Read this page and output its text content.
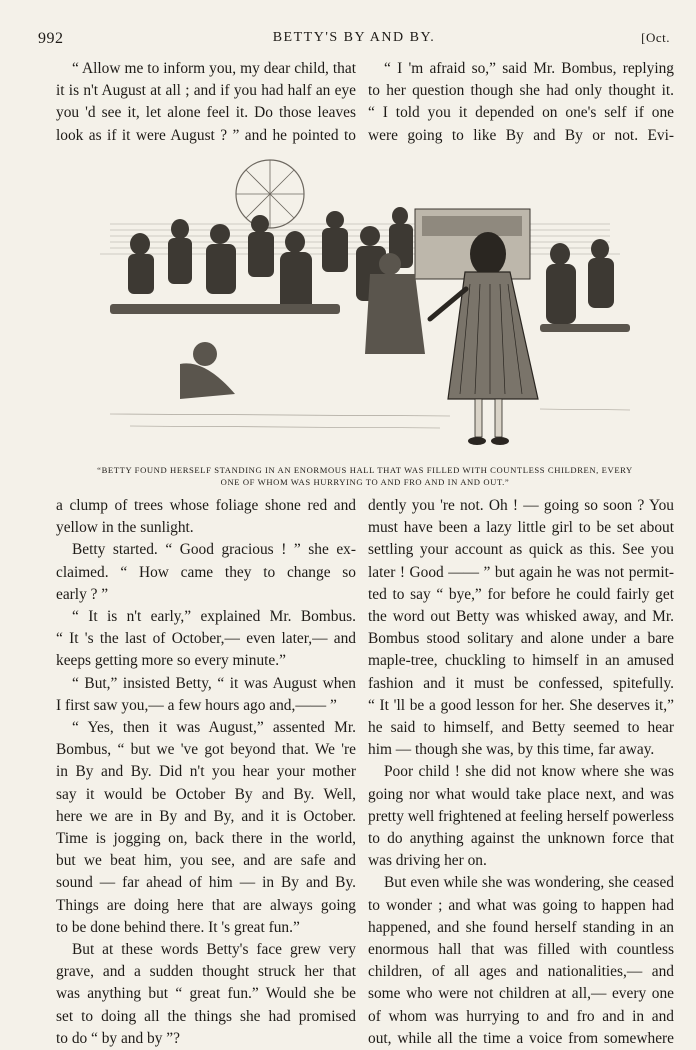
992	BETTY'S BY AND BY.	[Oct.

“ Allow me to inform you, my dear child, that

it is n't August at all ; and if you had half an eye

you 'd see it, let alone feel it. Do those leaves

look as if it were August ? ” and he pointed to

“ I 'm afraid so,” said Mr. Bombus, replying

to her question though she had only thought it.

“ I told you it depended on one's self if one

were going to like By and By or not. Evi-

“BETTY FOUND HERSELF STANDING IN AN ENORMOUS HALL THAT WAS FILLED WITH COUNTLESS CHILDREN, EVERY
ONE OF WHOM WAS HURRYING TO AND FRO AND IN AND OUT.”

a clump of trees whose foliage shone red and

yellow in the sunlight.

Betty started. “ Good gracious ! ” she ex-

claimed. “ How came they to change so

early ? ”

“ It is n't early,” explained Mr. Bombus.

“ It 's the last of October,— even later,— and

keeps getting more so every minute.”

“ But,” insisted Betty, “ it was August when

I first saw you,— a few hours ago and,—— ”

“ Yes, then it was August,” assented Mr.

Bombus, “ but we 've got beyond that. We 're

in By and By. Did n't you hear your mother

say it would be October By and By. Well,

here we are in By and By, and it is October.

Time is jogging on, back there in the world,

but we beat him, you see, and are safe and

sound — far ahead of him — in By and By.

Things are doing here that are always going

to be done behind there. It 's great fun.”

But at these words Betty's face grew very

grave, and a sudden thought struck her that

was anything but “ great fun.” Would she be

set to doing all the things she had promised

to do “ by and by ”?

dently you 're not. Oh ! — going so soon ? You

must have been a lazy little girl to be set about

settling your account as quick as this. See you

later ! Good —— ” but again he was not permit-

ted to say “ bye,” for before he could fairly get

the word out Betty was whisked away, and Mr.

Bombus stood solitary and alone under a bare

maple-tree, chuckling to himself in an amused

fashion and it must be confessed, spitefully.

“ It 'll be a good lesson for her. She deserves it,”

he said to himself, and Betty seemed to hear

him — though she was, by this time, far away.

Poor child ! she did not know where she was

going nor what would take place next, and was

pretty well frightened at feeling herself powerless

to do anything against the unknown force that

was driving her on.

But even while she was wondering, she ceased

to wonder ; and what was going to happen had

happened, and she found herself standing in an

enormous hall that was filled with countless

children, of all ages and nationalities,— and

some who were not children at all,— every one

of whom was hurrying to and fro and in and

out, while all the time a voice from somewhere
